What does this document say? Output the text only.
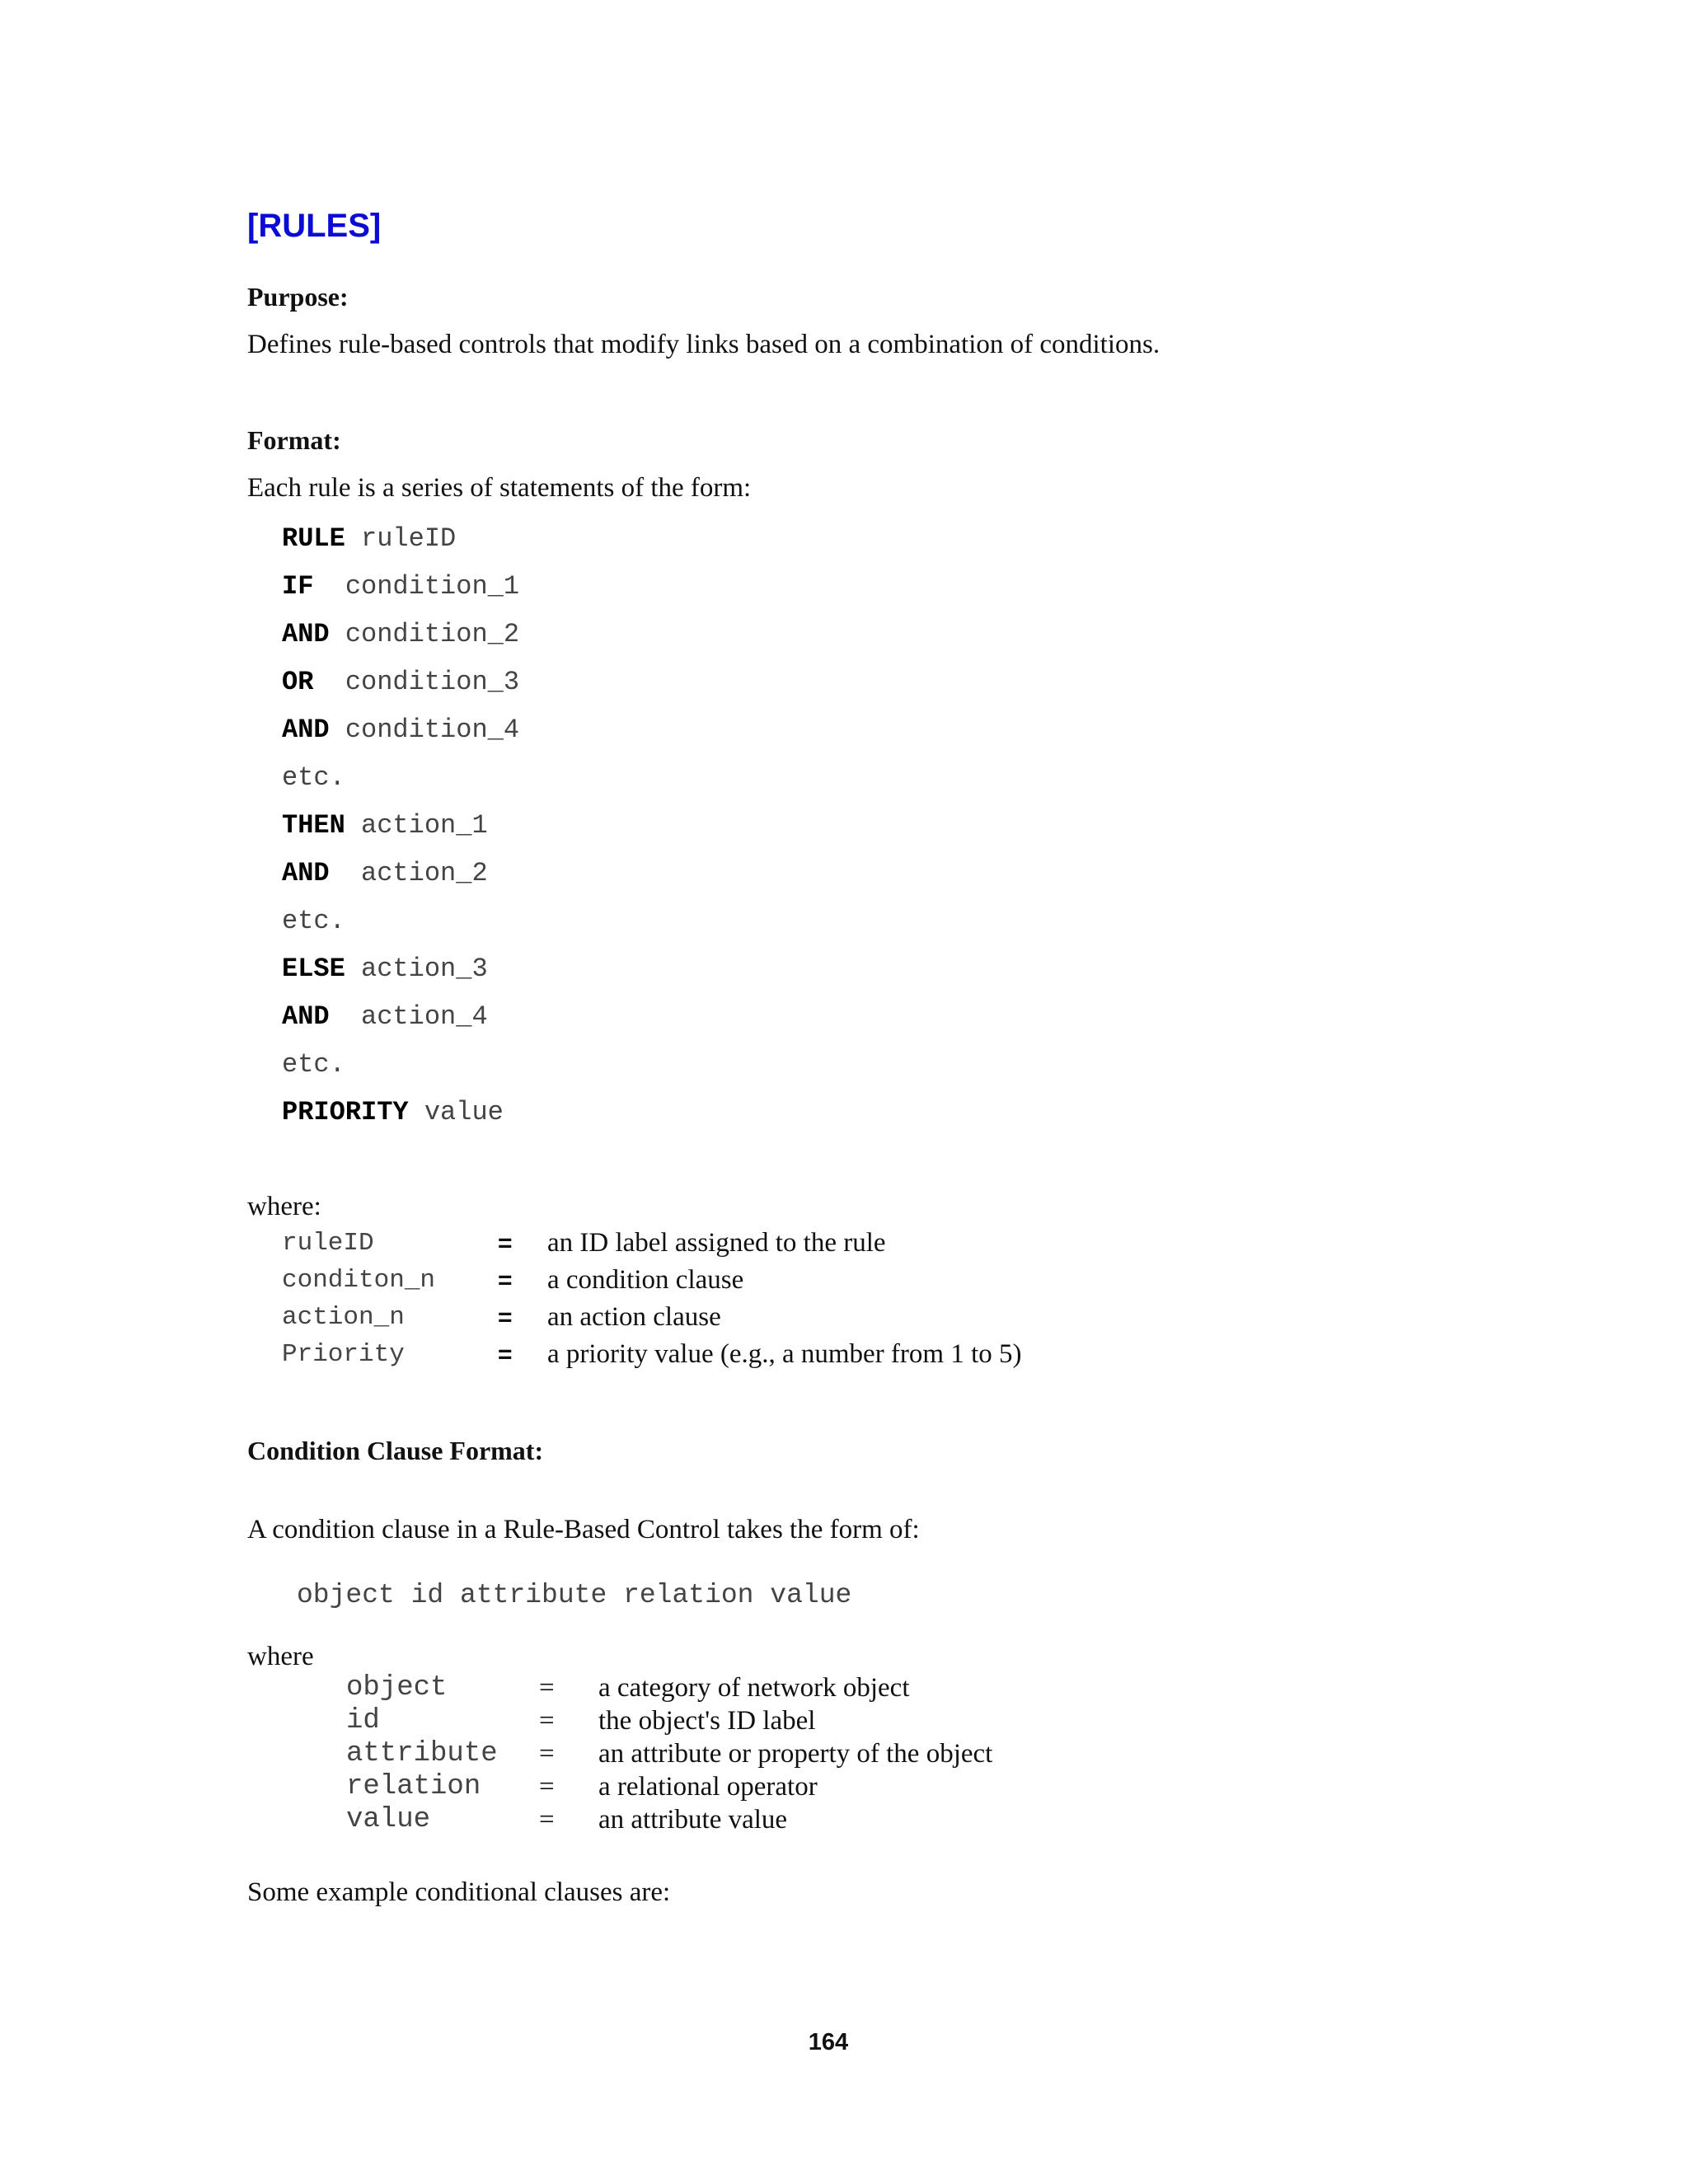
[RULES]

Purpose:

Defines rule-based controls that modify links based on a combination of conditions.

Format:

Each rule is a series of statements of the form:

RULE ruleID
IF condition_1
AND condition_2
OR condition_3
AND condition_4
etc.
THEN action_1
AND action_2
etc.
ELSE action_3
AND action_4
etc.
PRIORITY value

where:

ruleID	= an ID label assigned to the rule
conditon_n	= a condition clause
action_n	= an action clause
Priority	= a priority value (e.g., a number from 1 to 5)

Condition Clause Format:

A condition clause in a Rule-Based Control takes the form of:

object id attribute relation value

where

object	= a category of network object
id	= the object's ID label
attribute = an attribute or property of the object
relation = a relational operator
value	= an attribute value

Some example conditional clauses are:

164
